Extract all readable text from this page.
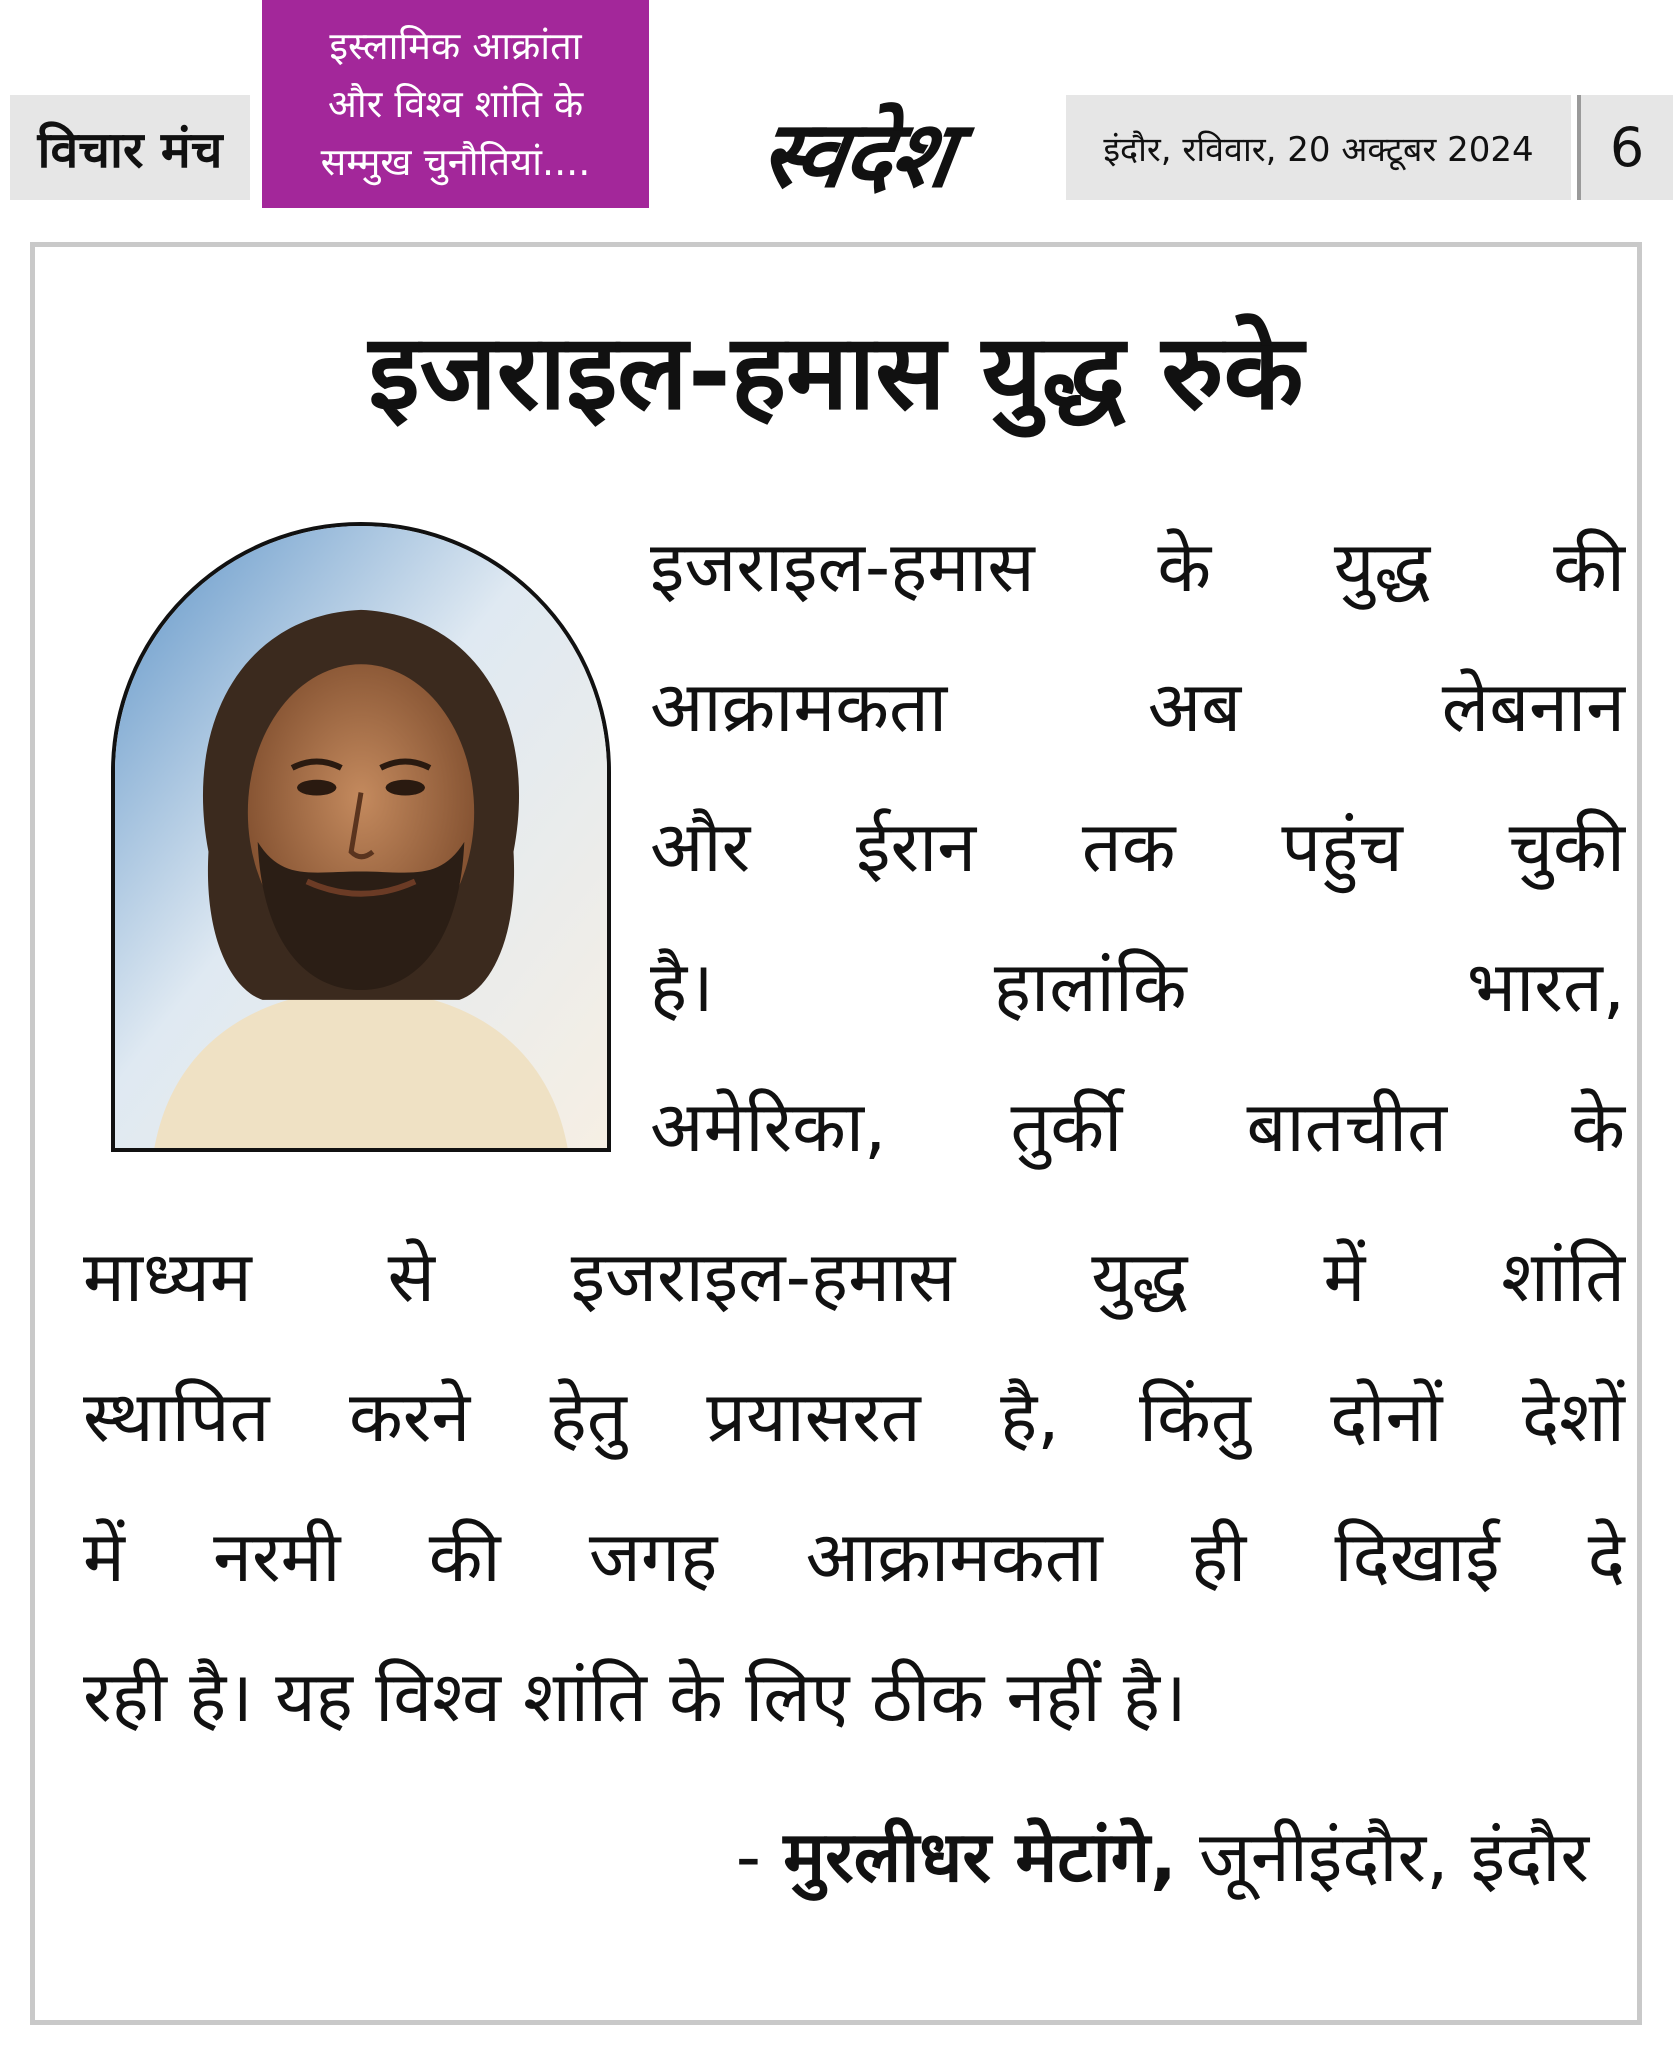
विचार मंच
इस्लामिक आक्रांता
और विश्व शांति के
सम्मुख चुनौतियां.... स्वदेश	इंदौर, रविवार, 20 अक्टूबर 2024	6
इजराइल-हमास युद्ध रुके
इजराइल-हमास के युद्ध की
आक्रामकता	अब	लेबनान
और ईरान तक पहुंच चुकी
है।	हालांकि	भारत,
अमेरिका, तुर्की बातचीत के
माध्यम से इजराइल-हमास युद्ध में शांति
स्थापित करने हेतु प्रयासरत है, किंतु दोनों देशों
में नरमी की जगह आक्रामकता ही दिखाई दे
रही है। यह विश्व शांति के लिए ठीक नहीं है।
- मुरलीधर मेटांगे, जूनीइंदौर, इंदौर
